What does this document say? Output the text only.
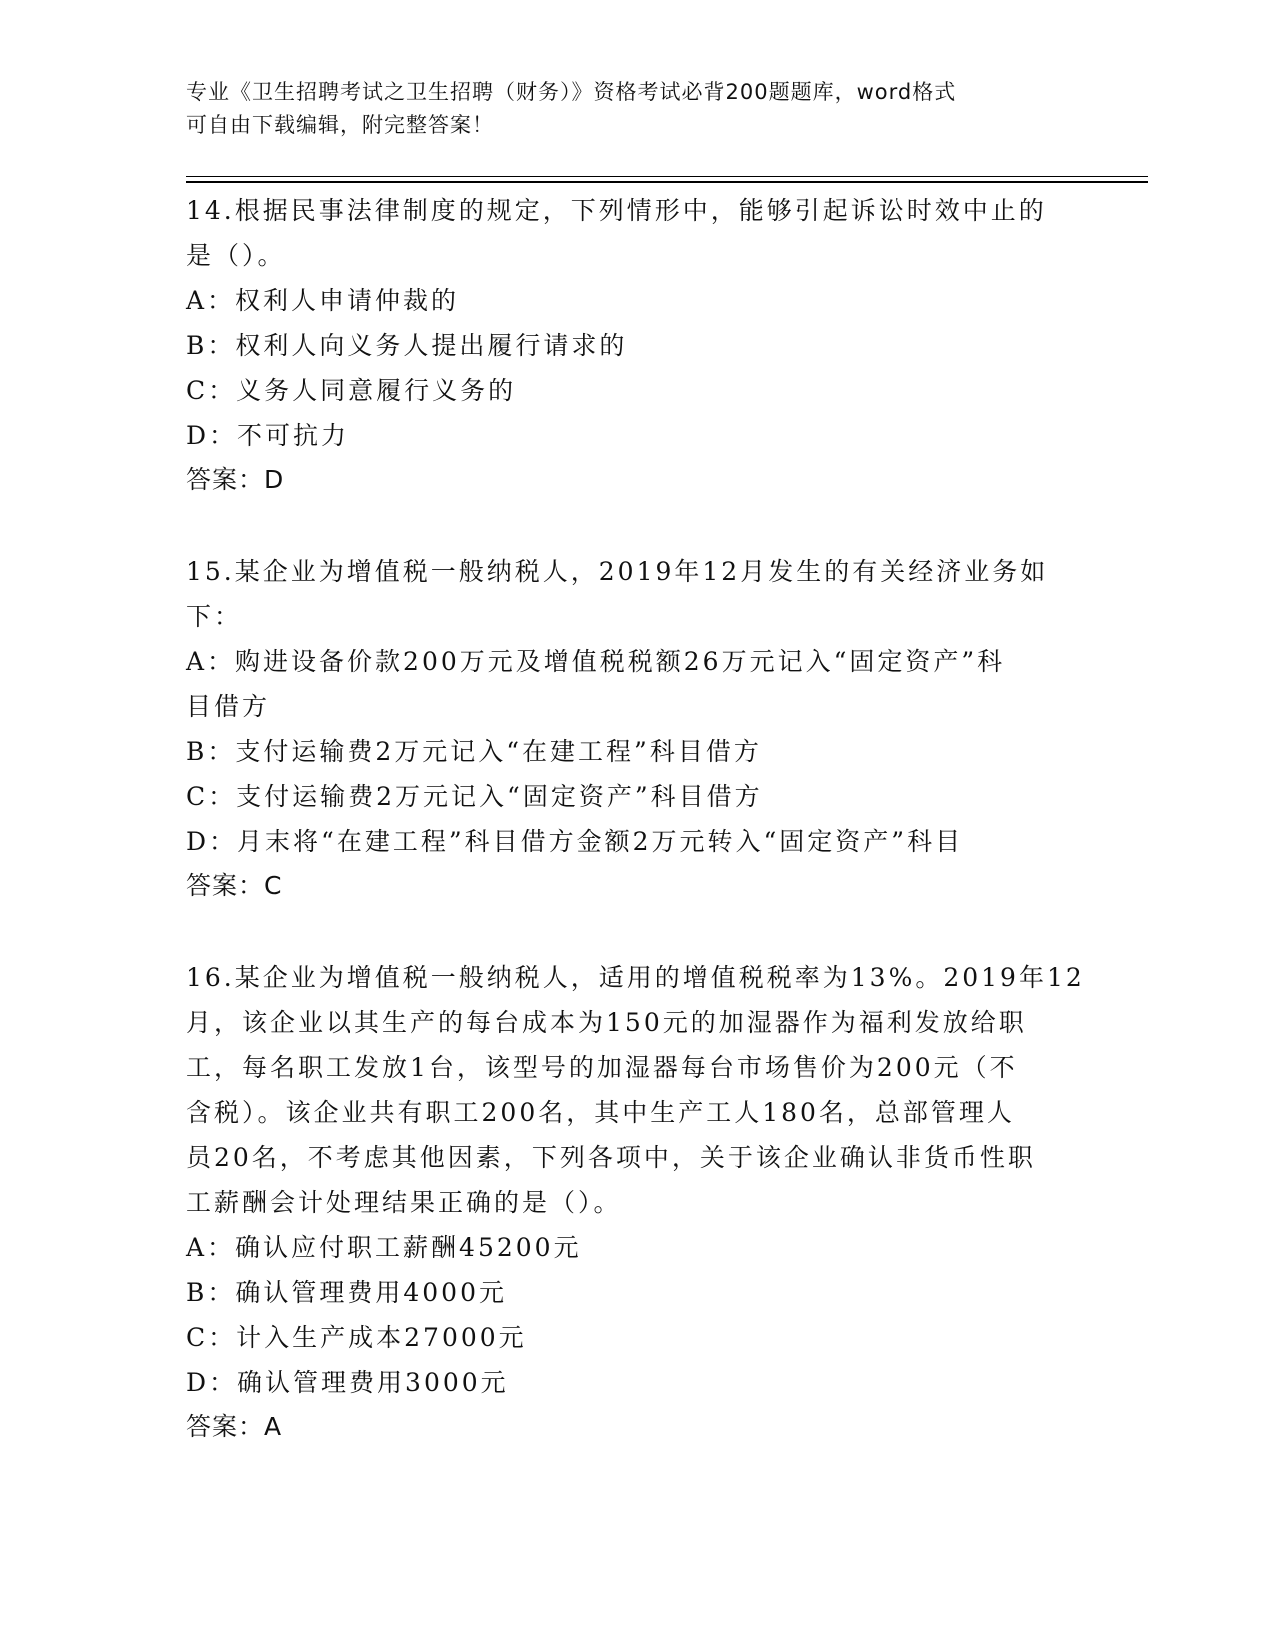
专业《卫生招聘考试之卫生招聘（财务）》资格考试必背200题题库，word格式
可自由下载编辑，附完整答案！

14.根据民事法律制度的规定，下列情形中，能够引起诉讼时效中止的

是（）。

A：权利人申请仲裁的

B：权利人向义务人提出履行请求的

C：义务人同意履行义务的

D：不可抗力

答案：D

15.某企业为增值税一般纳税人，2019年12月发生的有关经济业务如

下：

A：购进设备价款200万元及增值税税额26万元记入“固定资产”科

目借方

B：支付运输费2万元记入“在建工程”科目借方

C：支付运输费2万元记入“固定资产”科目借方

D：月末将“在建工程”科目借方金额2万元转入“固定资产”科目

答案：C

16.某企业为增值税一般纳税人，适用的增值税税率为13%。2019年12

月，该企业以其生产的每台成本为150元的加湿器作为福利发放给职

工，每名职工发放1台，该型号的加湿器每台市场售价为200元（不

含税）。该企业共有职工200名，其中生产工人180名，总部管理人

员20名，不考虑其他因素，下列各项中，关于该企业确认非货币性职

工薪酬会计处理结果正确的是（）。

A：确认应付职工薪酬45200元

B：确认管理费用4000元

C：计入生产成本27000元

D：确认管理费用3000元

答案：A
